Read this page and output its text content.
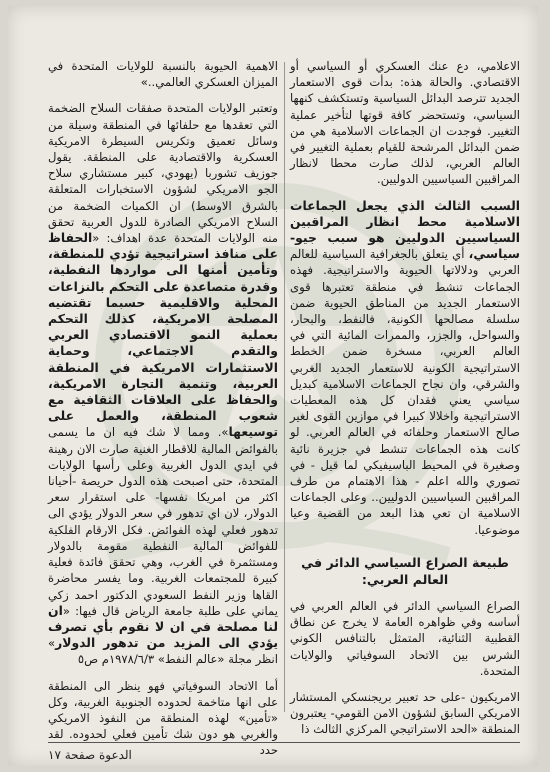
الاعلامي، دع عنك العسكري أو السياسي أو الاقتصادي. والحالة هذه: بدأت قوى الاستعمار الجديد تترصد البدائل السياسية وتستكشف كنهها السياسي، وتستحضر كافة قوتها لتأخير عملية التغيير. فوجدت ان الجماعات الاسلامية هي من ضمن البدائل المرشحة للقيام بعملية التغيير في العالم العربي، لذلك صارت محطا لانظار المراقبين السياسيين الدوليين.

السبب الثالث الذي يجعل الجماعات الاسلامية محط انظار المراقبين السياسيين الدوليين هو سبب جيو-سياسي، أي يتعلق بالجغرافية السياسية للعالم العربي ودلالاتها الحيوية والاستراتيجية. فهذه الجماعات تنشط في منطقة تعتبرها قوى الاستعمار الجديد من المناطق الحيوية ضمن سلسلة مصالحها الكونية، فالنفط، والبحار، والسواحل، والجزر، والممرات المائية التي في العالم العربي، مسخرة ضمن الخطط الاستراتيجية الكونية للاستعمار الجديد الغربي والشرقي، وان نجاح الجماعات الاسلامية كبديل سياسي يعني فقدان كل هذه المعطيات الاستراتيجية واخلالا كبيرا في موازين القوى لغير صالح الاستعمار وحلفائه في العالم العربي. لو كانت هذه الجماعات تنشط في جزيرة نائية وصغيرة في المحيط الباسيفيكي لما قيل - في تصوري والله اعلم - هذا الاهتمام من طرف المراقبين السياسيين الدوليين.. وعلى الجماعات الاسلامية ان تعي هذا البعد من القضية وعيا موضوعيا.

طبيعة الصراع السياسي الدائر في العالم العربي:

الصراع السياسي الدائر في العالم العربي في أساسه وفي ظواهره العامة لا يخرج عن نطاق القطبية الثنائية، المتمثل بالتنافس الكوني الشرس بين الاتحاد السوفياتي والولايات المتحدة.

الامريكيون -على حد تعبير بريجنسكي المستشار الامريكي السابق لشؤون الامن القومي- يعتبرون المنطقة «الحد الاستراتيجي المركزي الثالث ذا

الاهمية الحيوية بالنسبة للولايات المتحدة في الميزان العسكري العالمي..»

وتعتبر الولايات المتحدة صفقات السلاح الضخمة التي تعقدها مع حلفائها في المنطقة وسيلة من وسائل تعميق وتكريس السيطرة الامريكية العسكرية والاقتصادية على المنطقة. يقول جوزيف تشوربا (يهودي، كبير مستشاري سلاح الجو الامريكي لشؤون الاستخبارات المتعلقة بالشرق الاوسط) ان الكميات الضخمة من السلاح الامريكي الصادرة للدول العربية تحقق منه الولايات المتحدة عدة اهداف: «الحفاظ على منافذ استراتيجية تؤدي للمنطقة، وتأمين أمنها الى مواردها النفطية، وقدرة متصاعدة على التحكم بالنزاعات المحلية والاقليمية حسبما تقتضيه المصلحة الامريكية، كذلك التحكم بعملية النمو الاقتصادي العربي والتقدم الاجتماعي، وحماية الاستثمارات الامريكية في المنطقة العربية، وتنمية التجارة الامريكية، والحفاظ على العلاقات الثقافية مع شعوب المنطقة، والعمل على توسيعها». ومما لا شك فيه ان ما يسمى بالفوائض المالية للاقطار الغنية صارت الان رهينة في ايدي الدول الغربية وعلى رأسها الولايات المتحدة، حتى اصبحت هذه الدول حريصة -أحيانا اكثر من امريكا نفسها- على استقرار سعر الدولار، لان اي تدهور في سعر الدولار يؤدي الى تدهور فعلي لهذه الفوائض. فكل الارقام الفلكية للفوائض المالية النفطية مقومة بالدولار ومستثمرة في الغرب، وهي تحقق فائدة فعلية كبيرة للمجتمعات الغربية. وما يفسر محاضرة القاها وزير النفط السعودي الدكتور احمد زكي يماني على طلبة جامعة الرياض قال فيها: «ان لنا مصلحة في ان لا نقوم بأي تصرف يؤدي الى المزيد من تدهور الدولار» انظر مجلة «عالم النفط» ١٩٧٨/٦/٣م ص٥

أما الاتحاد السوفياتي فهو ينظر الى المنطقة على انها متاخمة لحدوده الجنوبية الغربية، وكل «تأمين» لهذه المنطقة من النفوذ الامريكي والغربي هو دون شك تأمين فعلي لحدوده. لقد حدد

الدعوة صفحة ١٧
